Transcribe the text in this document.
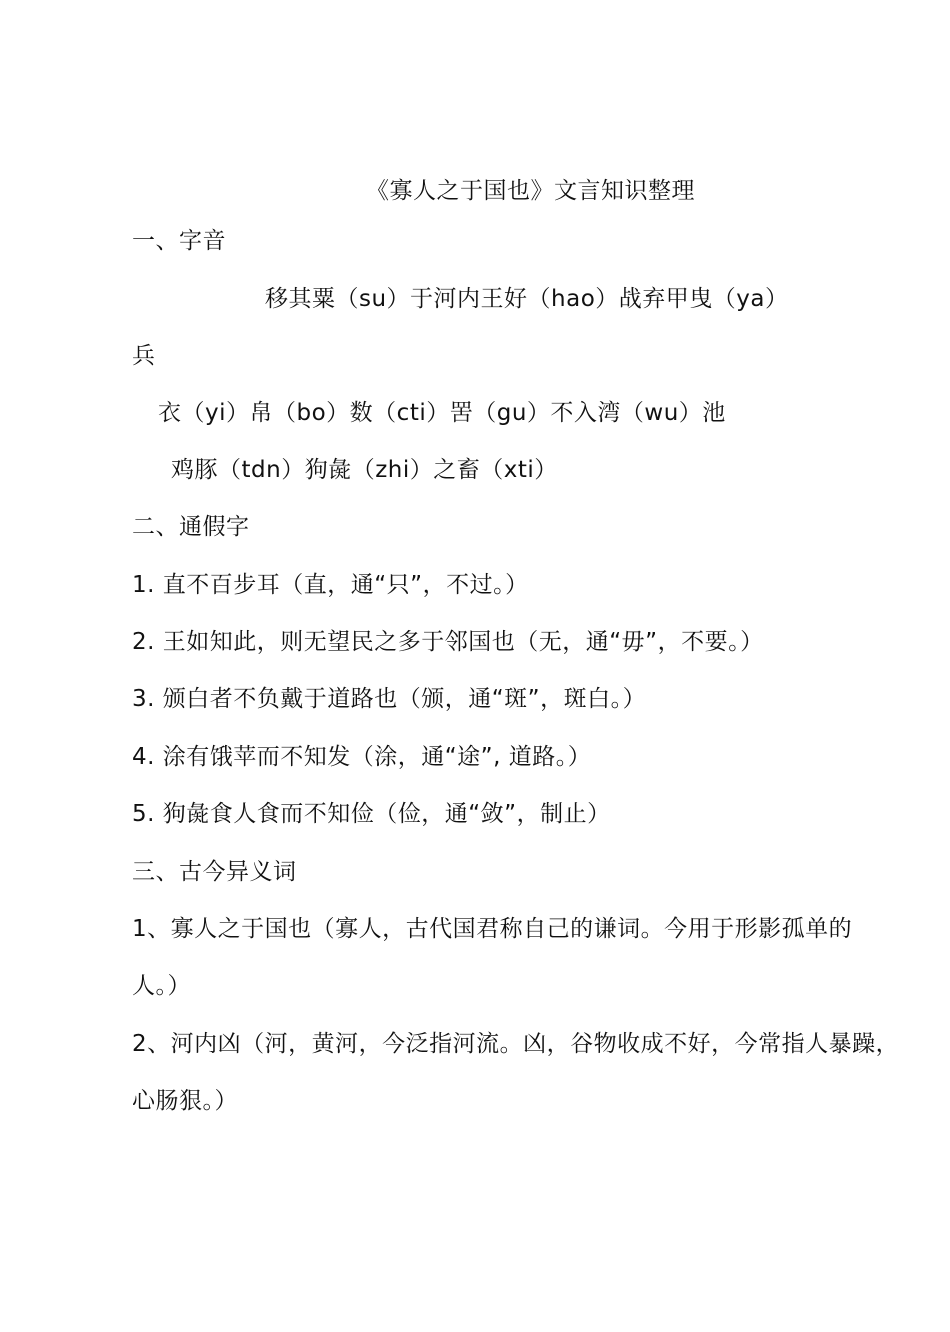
《寡人之于国也》文言知识整理
一、字音
移其粟（su）于河内王好（hao）战弃甲曳（ya）
兵
衣（yi）帛（bo）数（cti）罟（gu）不入湾（wu）池
鸡豚（tdn）狗彘（zhi）之畜（xti）
二、通假字
1. 直不百步耳（直，通“只”，不过。）
2. 王如知此，则无望民之多于邻国也（无，通“毋”，不要。）
3. 颁白者不负戴于道路也（颁，通“斑”，斑白。）
4. 涂有饿苹而不知发（涂，通“途”, 道路。）
5. 狗彘食人食而不知俭（俭，通“敛”，制止）
三、古今异义词
1、寡人之于国也（寡人，古代国君称自己的谦词。今用于形影孤单的
人。）
2、河内凶（河，黄河，今泛指河流。凶，谷物收成不好，今常指人暴躁，
心肠狠。）
